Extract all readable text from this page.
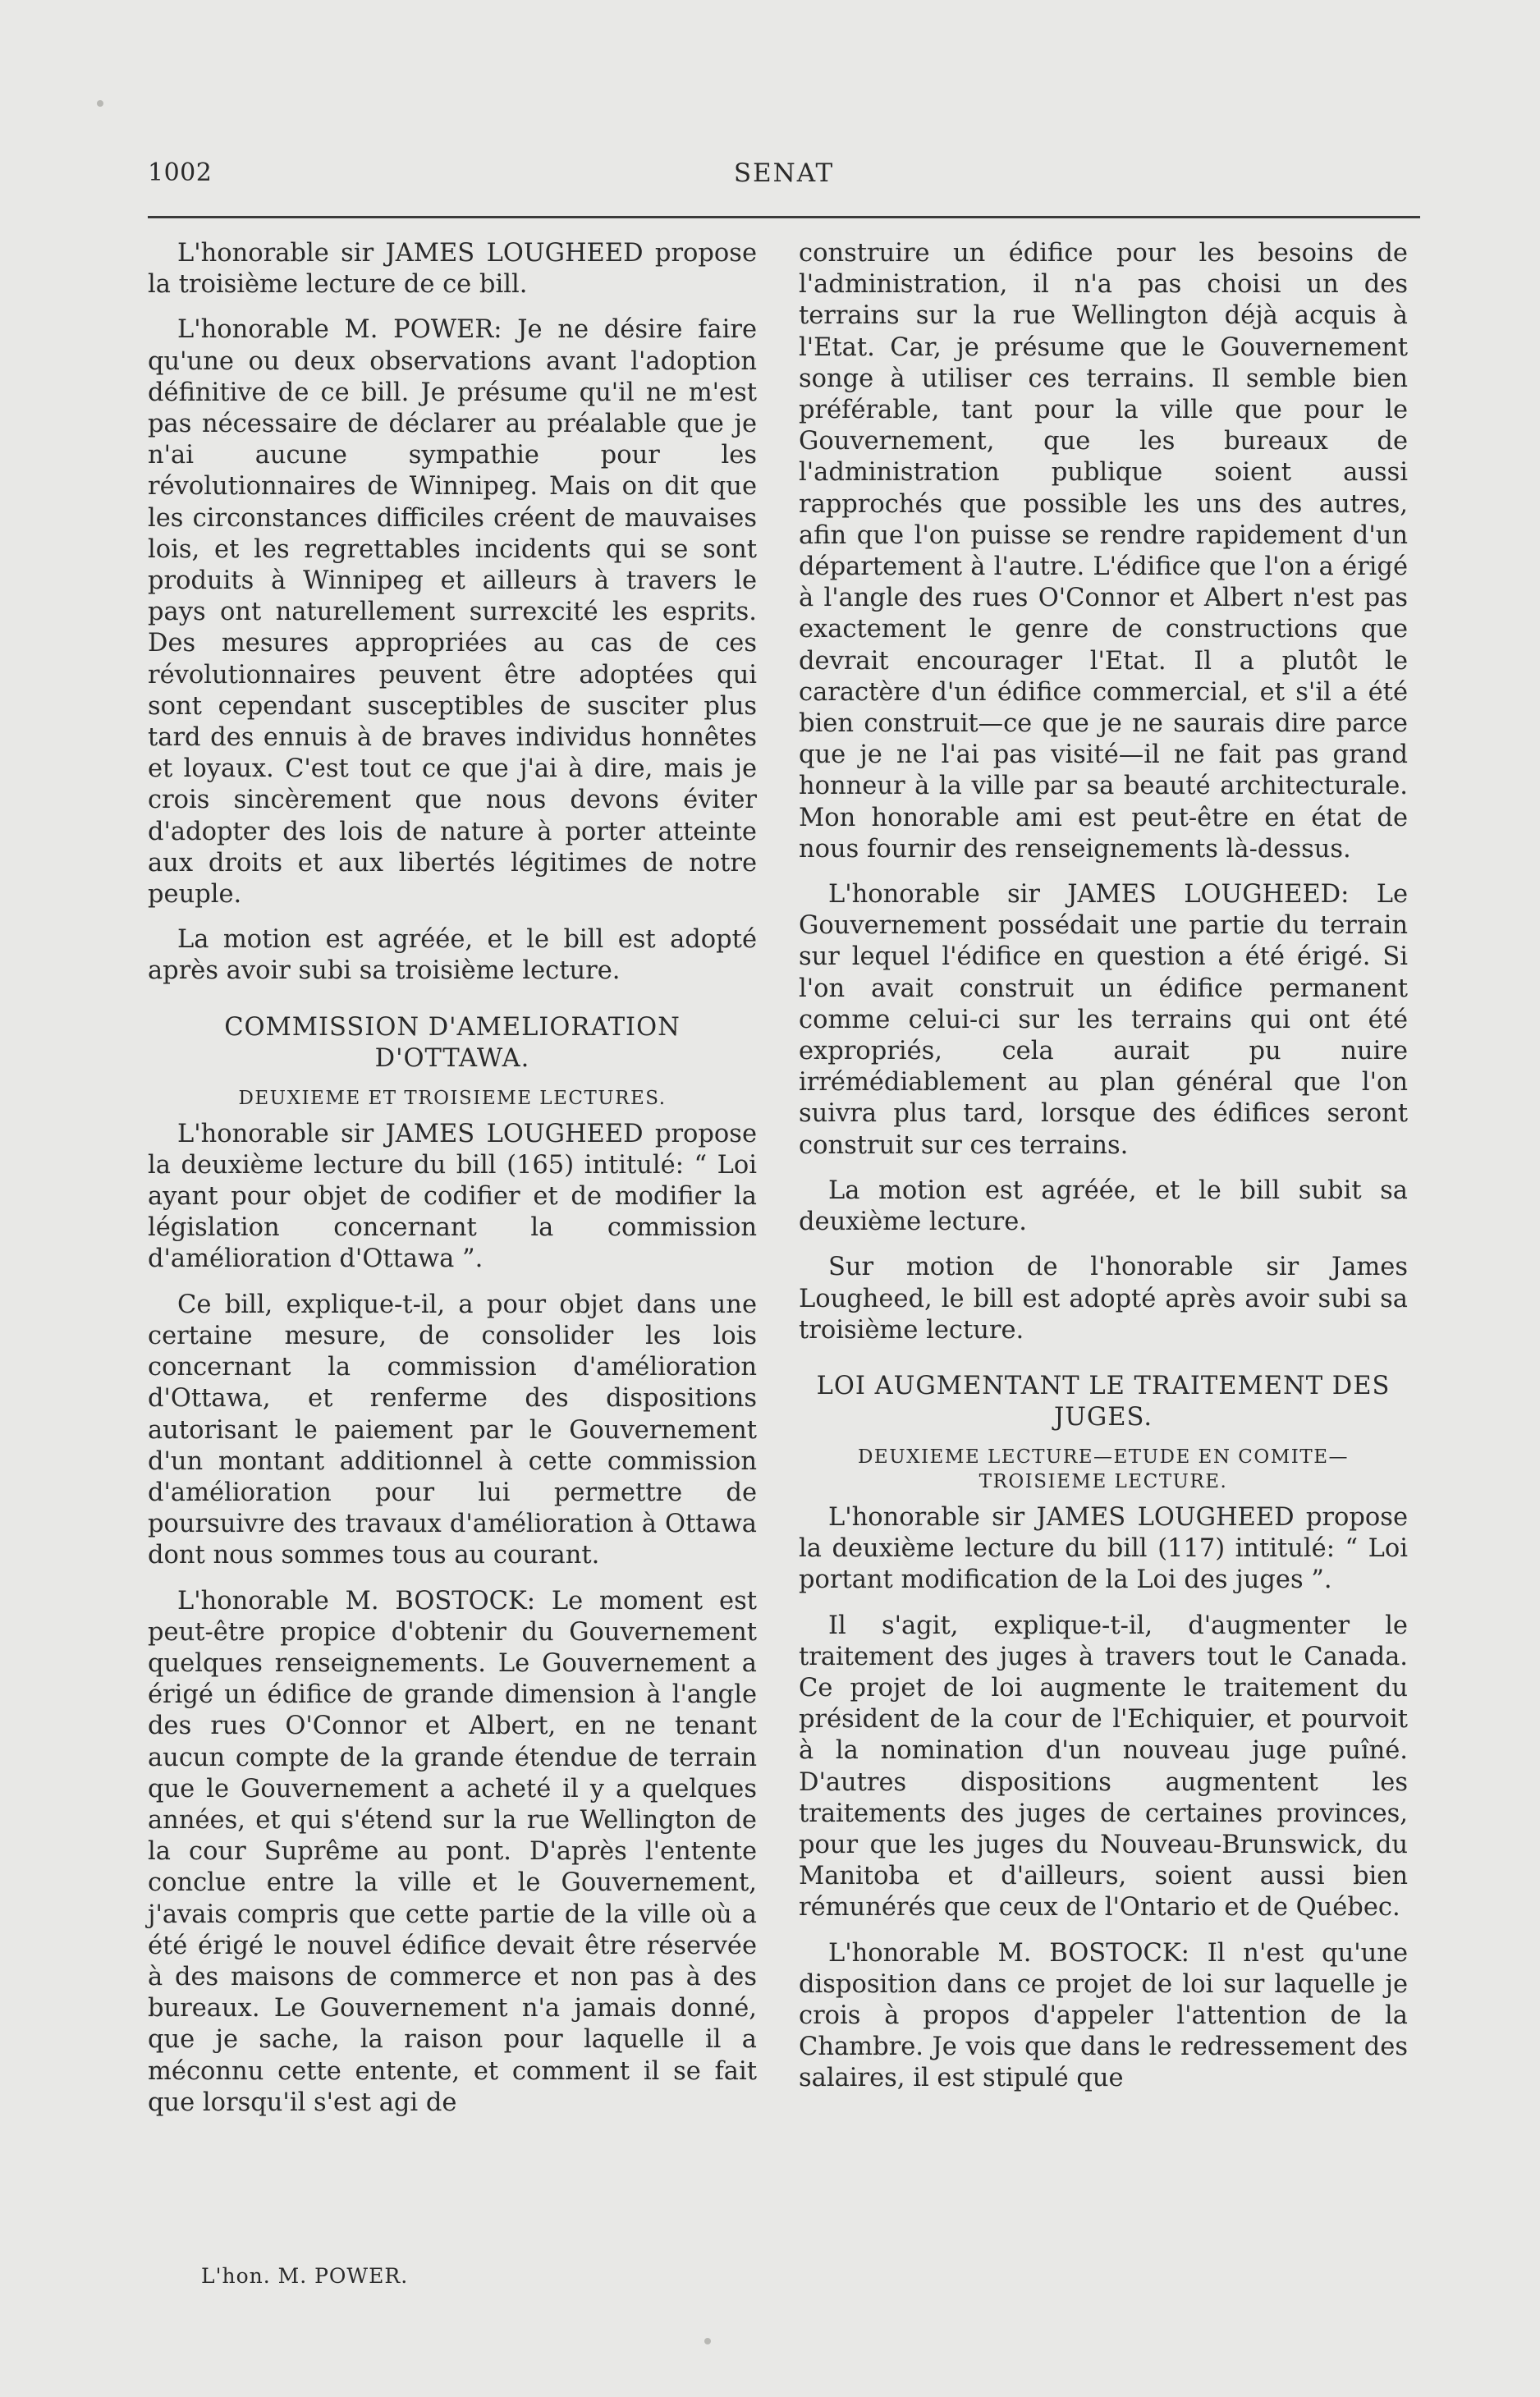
1002	SENAT

L'honorable sir JAMES LOUGHEED propose la troisième lecture de ce bill.

L'honorable M. POWER: Je ne désire faire qu'une ou deux observations avant l'adoption définitive de ce bill. Je présume qu'il ne m'est pas nécessaire de déclarer au préalable que je n'ai aucune sympathie pour les révolutionnaires de Winnipeg. Mais on dit que les circonstances difficiles créent de mauvaises lois, et les regrettables incidents qui se sont produits à Winnipeg et ailleurs à travers le pays ont naturellement surrexcité les esprits. Des mesures appropriées au cas de ces révolutionnaires peuvent être adoptées qui sont cependant susceptibles de susciter plus tard des ennuis à de braves individus honnêtes et loyaux. C'est tout ce que j'ai à dire, mais je crois sincèrement que nous devons éviter d'adopter des lois de nature à porter atteinte aux droits et aux libertés légitimes de notre peuple.

La motion est agréée, et le bill est adopté après avoir subi sa troisième lecture.

COMMISSION D'AMELIORATION D'OTTAWA.
DEUXIEME ET TROISIEME LECTURES.

L'honorable sir JAMES LOUGHEED propose la deuxième lecture du bill (165) intitulé: “ Loi ayant pour objet de codifier et de modifier la législation concernant la commission d'amélioration d'Ottawa ”.

Ce bill, explique-t-il, a pour objet dans une certaine mesure, de consolider les lois concernant la commission d'amélioration d'Ottawa, et renferme des dispositions autorisant le paiement par le Gouvernement d'un montant additionnel à cette commission d'amélioration pour lui permettre de poursuivre des travaux d'amélioration à Ottawa dont nous sommes tous au courant.

L'honorable M. BOSTOCK: Le moment est peut-être propice d'obtenir du Gouvernement quelques renseignements. Le Gouvernement a érigé un édifice de grande dimension à l'angle des rues O'Connor et Albert, en ne tenant aucun compte de la grande étendue de terrain que le Gouvernement a acheté il y a quelques années, et qui s'étend sur la rue Wellington de la cour Suprême au pont. D'après l'entente conclue entre la ville et le Gouvernement, j'avais compris que cette partie de la ville où a été érigé le nouvel édifice devait être réservée à des maisons de commerce et non pas à des bureaux. Le Gouvernement n'a jamais donné, que je sache, la raison pour laquelle il a méconnu cette entente, et comment il se fait que lorsqu'il s'est agi de

L'hon. M. POWER.

construire un édifice pour les besoins de l'administration, il n'a pas choisi un des terrains sur la rue Wellington déjà acquis à l'Etat. Car, je présume que le Gouvernement songe à utiliser ces terrains. Il semble bien préférable, tant pour la ville que pour le Gouvernement, que les bureaux de l'administration publique soient aussi rapprochés que possible les uns des autres, afin que l'on puisse se rendre rapidement d'un département à l'autre. L'édifice que l'on a érigé à l'angle des rues O'Connor et Albert n'est pas exactement le genre de constructions que devrait encourager l'Etat. Il a plutôt le caractère d'un édifice commercial, et s'il a été bien construit—ce que je ne saurais dire parce que je ne l'ai pas visité—il ne fait pas grand honneur à la ville par sa beauté architecturale. Mon honorable ami est peut-être en état de nous fournir des renseignements là-dessus.

L'honorable sir JAMES LOUGHEED: Le Gouvernement possédait une partie du terrain sur lequel l'édifice en question a été érigé. Si l'on avait construit un édifice permanent comme celui-ci sur les terrains qui ont été expropriés, cela aurait pu nuire irrémédiablement au plan général que l'on suivra plus tard, lorsque des édifices seront construit sur ces terrains.

La motion est agréée, et le bill subit sa deuxième lecture.

Sur motion de l'honorable sir James Lougheed, le bill est adopté après avoir subi sa troisième lecture.

LOI AUGMENTANT LE TRAITEMENT DES JUGES.
DEUXIEME LECTURE—ETUDE EN COMITE—TROISIEME LECTURE.

L'honorable sir JAMES LOUGHEED propose la deuxième lecture du bill (117) intitulé: “ Loi portant modification de la Loi des juges ”.

Il s'agit, explique-t-il, d'augmenter le traitement des juges à travers tout le Canada. Ce projet de loi augmente le traitement du président de la cour de l'Echiquier, et pourvoit à la nomination d'un nouveau juge puîné. D'autres dispositions augmentent les traitements des juges de certaines provinces, pour que les juges du Nouveau-Brunswick, du Manitoba et d'ailleurs, soient aussi bien rémunérés que ceux de l'Ontario et de Québec.

L'honorable M. BOSTOCK: Il n'est qu'une disposition dans ce projet de loi sur laquelle je crois à propos d'appeler l'attention de la Chambre. Je vois que dans le redressement des salaires, il est stipulé que
